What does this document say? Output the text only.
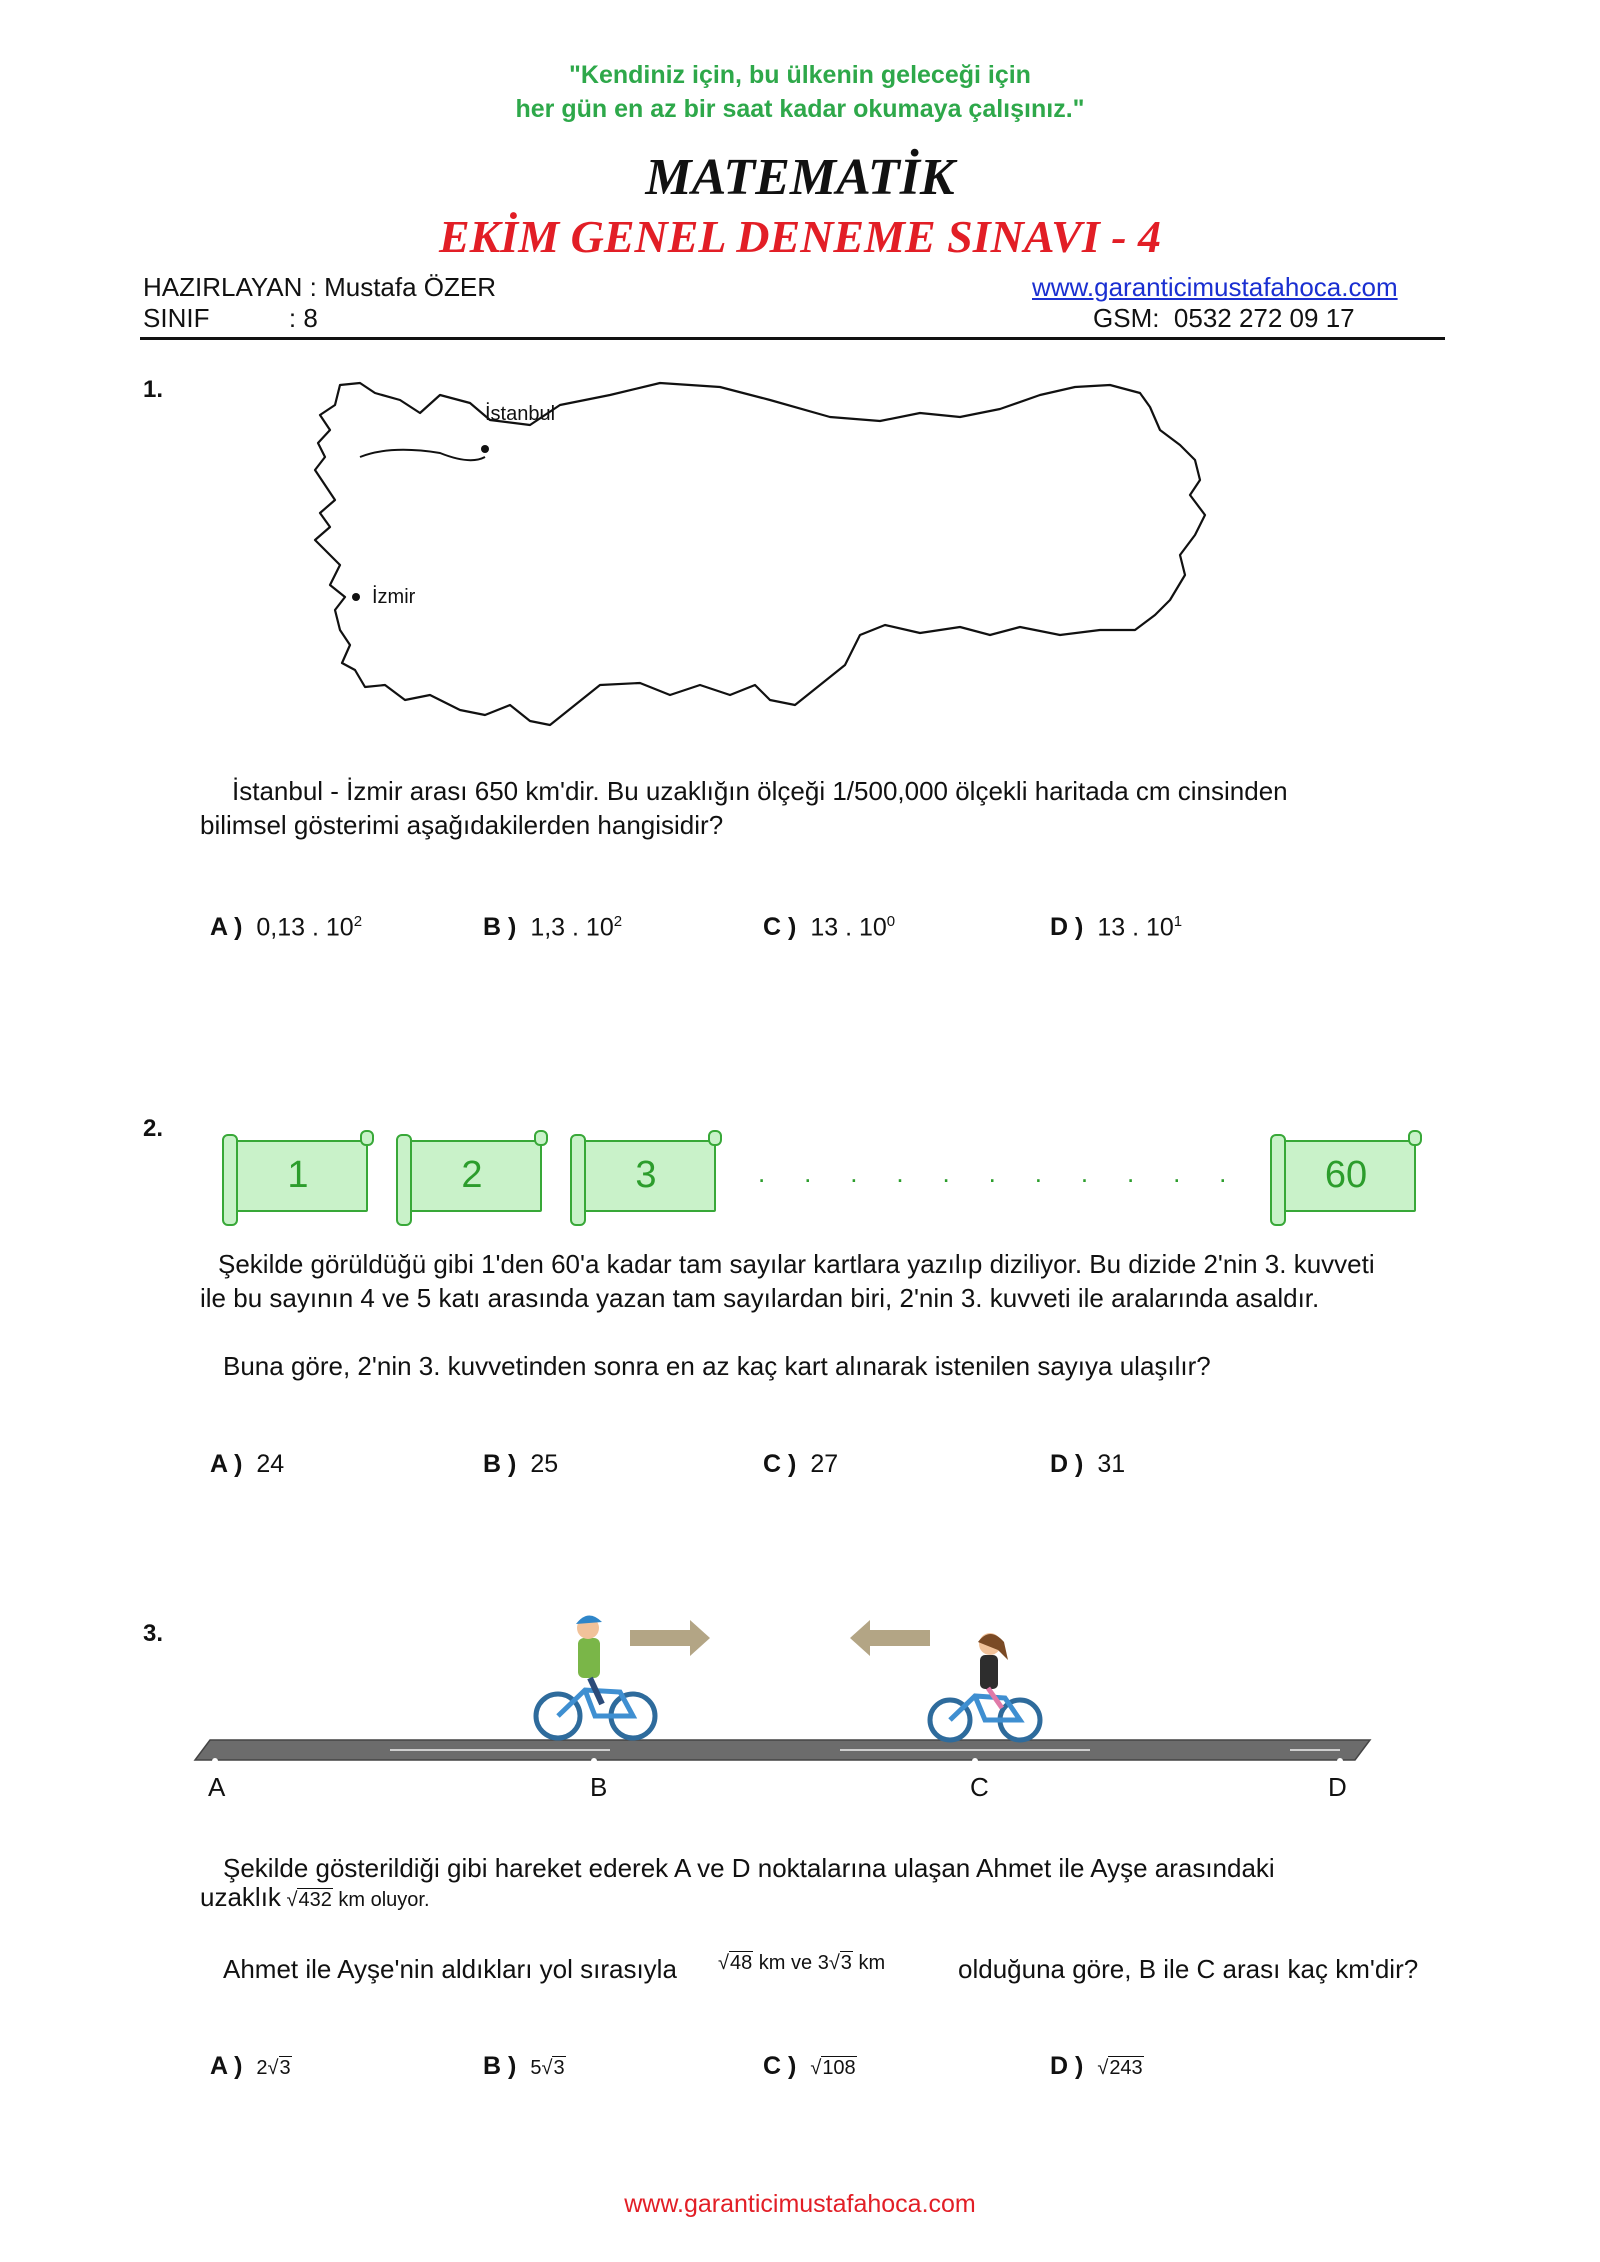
"Kendiniz için, bu ülkenin geleceği için
her gün en az bir saat kadar okumaya çalışınız."
MATEMATİK
EKİM GENEL DENEME SINAVI - 4
HAZIRLAYAN : Mustafa ÖZER
SINIF           : 8
www.garanticimustafahoca.com
GSM:  0532 272 09 17
1.
İstanbul
İzmir
İstanbul - İzmir arası 650 km'dir. Bu uzaklığın ölçeği 1/500,000 ölçekli haritada cm cinsinden
bilimsel gösterimi aşağıdakilerden hangisidir?
A ) 0,13 . $10^2$	B ) 1,3 . $10^2$	C ) 13 . $10^0$	D ) 13 . $10^1$
2.
1	2	3	.    .    .    .    .    .    .    .    .    .    .	60
Şekilde görüldüğü gibi 1'den 60'a kadar tam sayılar kartlara yazılıp diziliyor. Bu dizide 2'nin 3. kuvveti
ile bu sayının 4 ve 5 katı arasında yazan tam sayılardan biri, 2'nin 3. kuvveti ile aralarında asaldır.
Buna göre, 2'nin 3. kuvvetinden sonra en az kaç kart alınarak istenilen sayıya ulaşılır?
A ) 24	B ) 25	C ) 27	D ) 31
3.
A	B	C	D
Şekilde gösterildiği gibi hareket ederek A ve D noktalarına ulaşan Ahmet ile Ayşe arasındaki
uzaklık √432 km oluyor.
Ahmet ile Ayşe'nin aldıkları yol sırasıyla √48 km ve 3√3 km	olduğuna göre, B ile C arası kaç km'dir?
A ) 2√3	B ) 5√3	C ) √108	D ) √243
www.garanticimustafahoca.com
